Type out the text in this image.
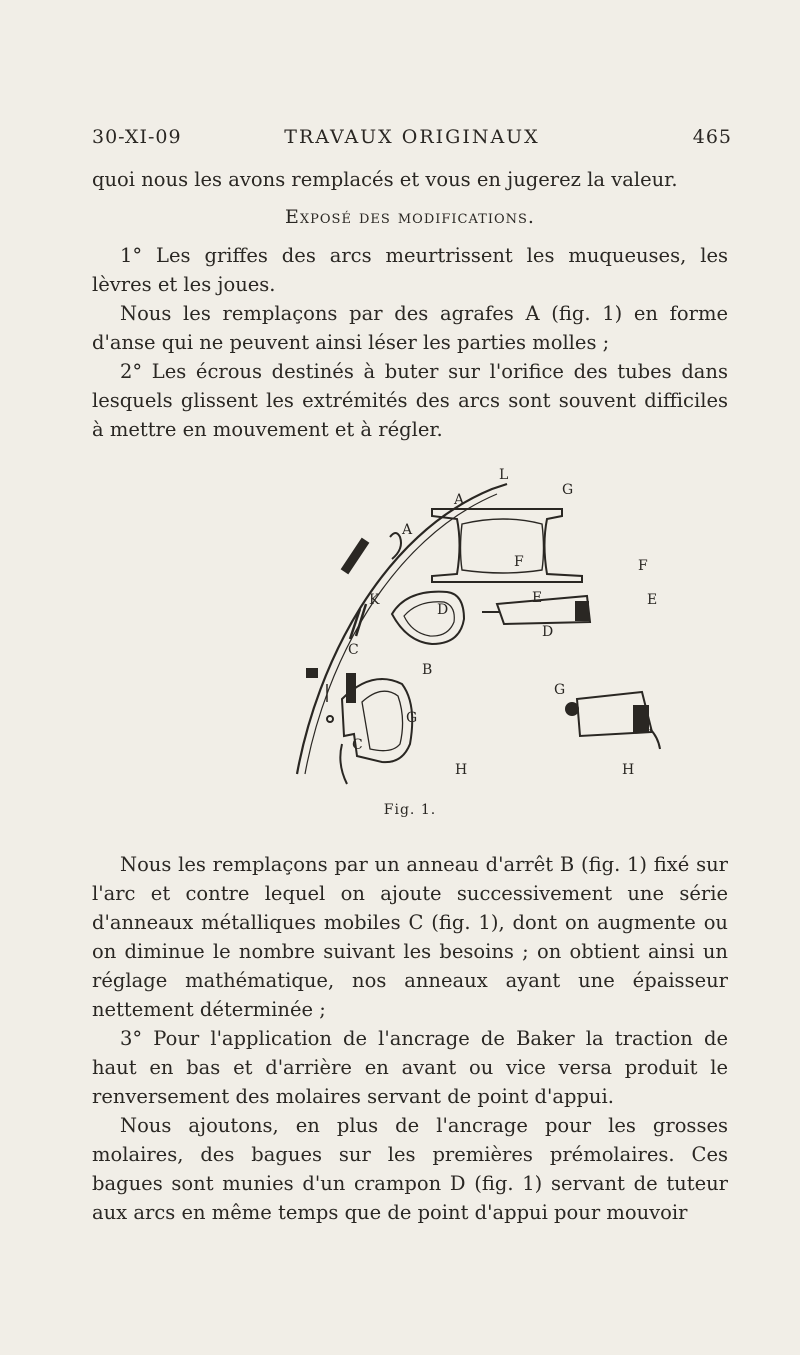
30-XI-09	TRAVAUX ORIGINAUX	465

quoi nous les avons remplacés et vous en jugerez la valeur.

Exposé des modifications.

1° Les griffes des arcs meurtrissent les muqueuses, les lèvres et les joues.

Nous les remplaçons par des agrafes A (fig. 1) en forme d'anse qui ne peuvent ainsi léser les parties molles ;

2° Les écrous destinés à buter sur l'orifice des tubes dans lesquels glissent les extrémités des arcs sont souvent difficiles à mettre en mouvement et à régler.

L
G
A
A
F	F
K
D
E	E
D
C
B
C
G
G
H	H
Fig. 1.

Nous les remplaçons par un anneau d'arrêt B (fig. 1) fixé sur l'arc et contre lequel on ajoute successivement une série d'anneaux métalliques mobiles C (fig. 1), dont on augmente ou on diminue le nombre suivant les besoins ; on obtient ainsi un réglage mathématique, nos anneaux ayant une épaisseur nettement déterminée ;

3° Pour l'application de l'ancrage de Baker la traction de haut en bas et d'arrière en avant ou vice versa produit le renversement des molaires servant de point d'appui.

Nous ajoutons, en plus de l'ancrage pour les grosses molaires, des bagues sur les premières prémolaires. Ces bagues sont munies d'un crampon D (fig. 1) servant de tuteur aux arcs en même temps que de point d'appui pour mouvoir
